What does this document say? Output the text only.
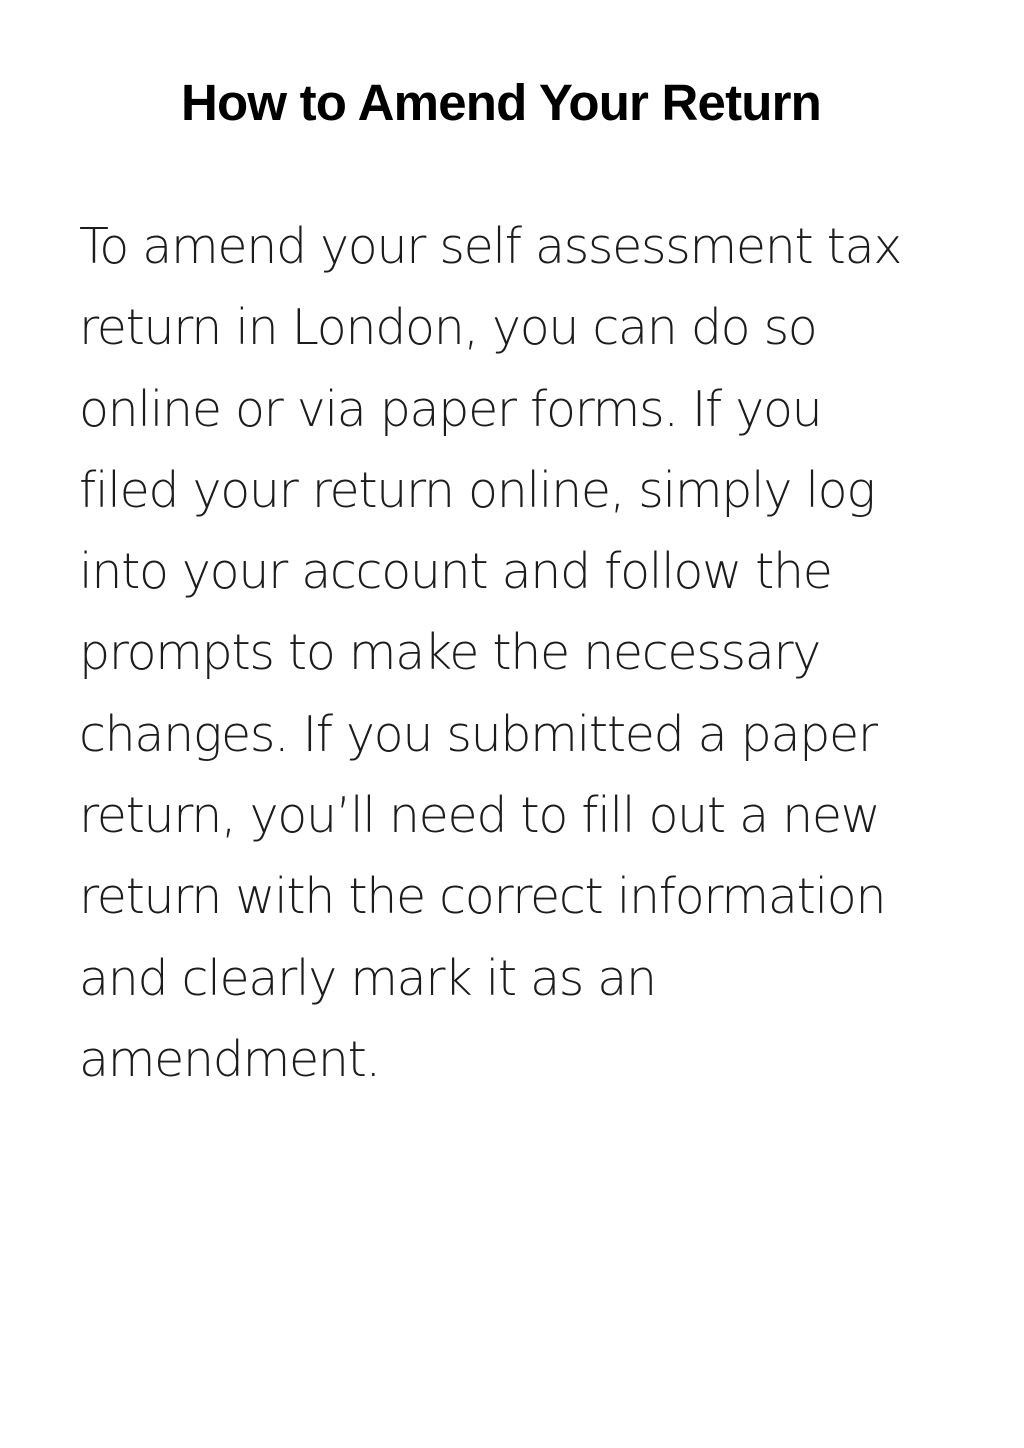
How to Amend Your Return

To amend your self assessment tax
return in London, you can do so
online or via paper forms. If you
filed your return online, simply log
into your account and follow the
prompts to make the necessary
changes. If you submitted a paper
return, you’ll need to fill out a new
return with the correct information
and clearly mark it as an
amendment.
